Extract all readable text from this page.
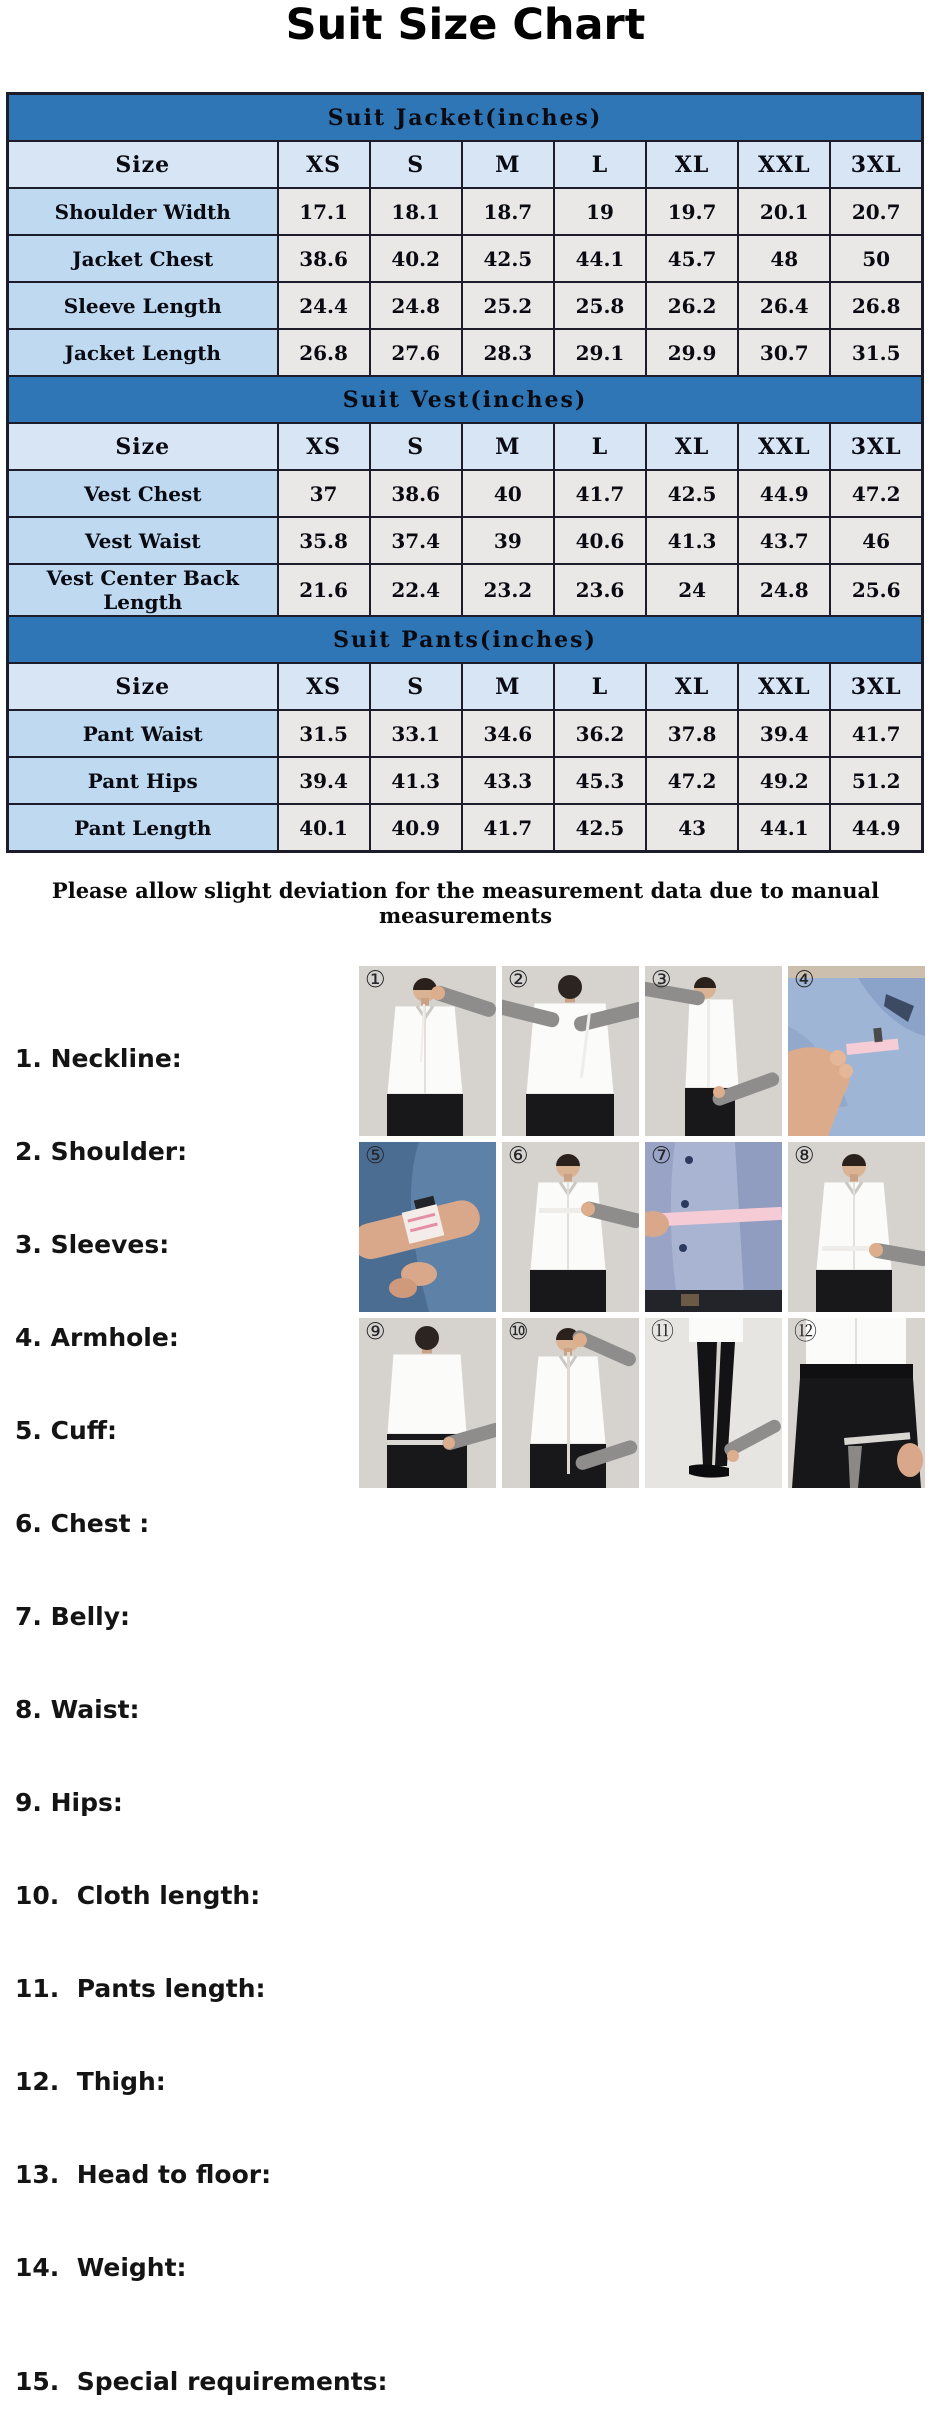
Suit Size Chart
Suit Jacket(inches)							
Size	XS	S	M	L	XL	XXL	3XL
Shoulder Width	17.1	18.1	18.7	19	19.7	20.1	20.7
Jacket Chest	38.6	40.2	42.5	44.1	45.7	48	50
Sleeve Length	24.4	24.8	25.2	25.8	26.2	26.4	26.8
Jacket Length	26.8	27.6	28.3	29.1	29.9	30.7	31.5
Suit Vest(inches)							
Size	XS	S	M	L	XL	XXL	3XL
Vest Chest	37	38.6	40	41.7	42.5	44.9	47.2
Vest Waist	35.8	37.4	39	40.6	41.3	43.7	46
Vest Center Back Length	21.6	22.4	23.2	23.6	24	24.8	25.6
Suit Pants(inches)							
Size	XS	S	M	L	XL	XXL	3XL
Pant Waist	31.5	33.1	34.6	36.2	37.8	39.4	41.7
Pant Hips	39.4	41.3	43.3	45.3	47.2	49.2	51.2
Pant Length	40.1	40.9	41.7	42.5	43	44.1	44.9
Please allow slight deviation for the measurement data due to manual measurements

1. Neckline:

2. Shoulder:

3. Sleeves:

4. Armhole:

5. Cuff:

6. Chest :

7. Belly:

8. Waist:

9. Hips:

10.  Cloth length:

11.  Pants length:

12.  Thigh:

13.  Head to floor:

14.  Weight:

15.  Special requirements:

①	②	③	④
⑤	⑥	⑦	⑧
⑨	⑩	⑪	⑫
